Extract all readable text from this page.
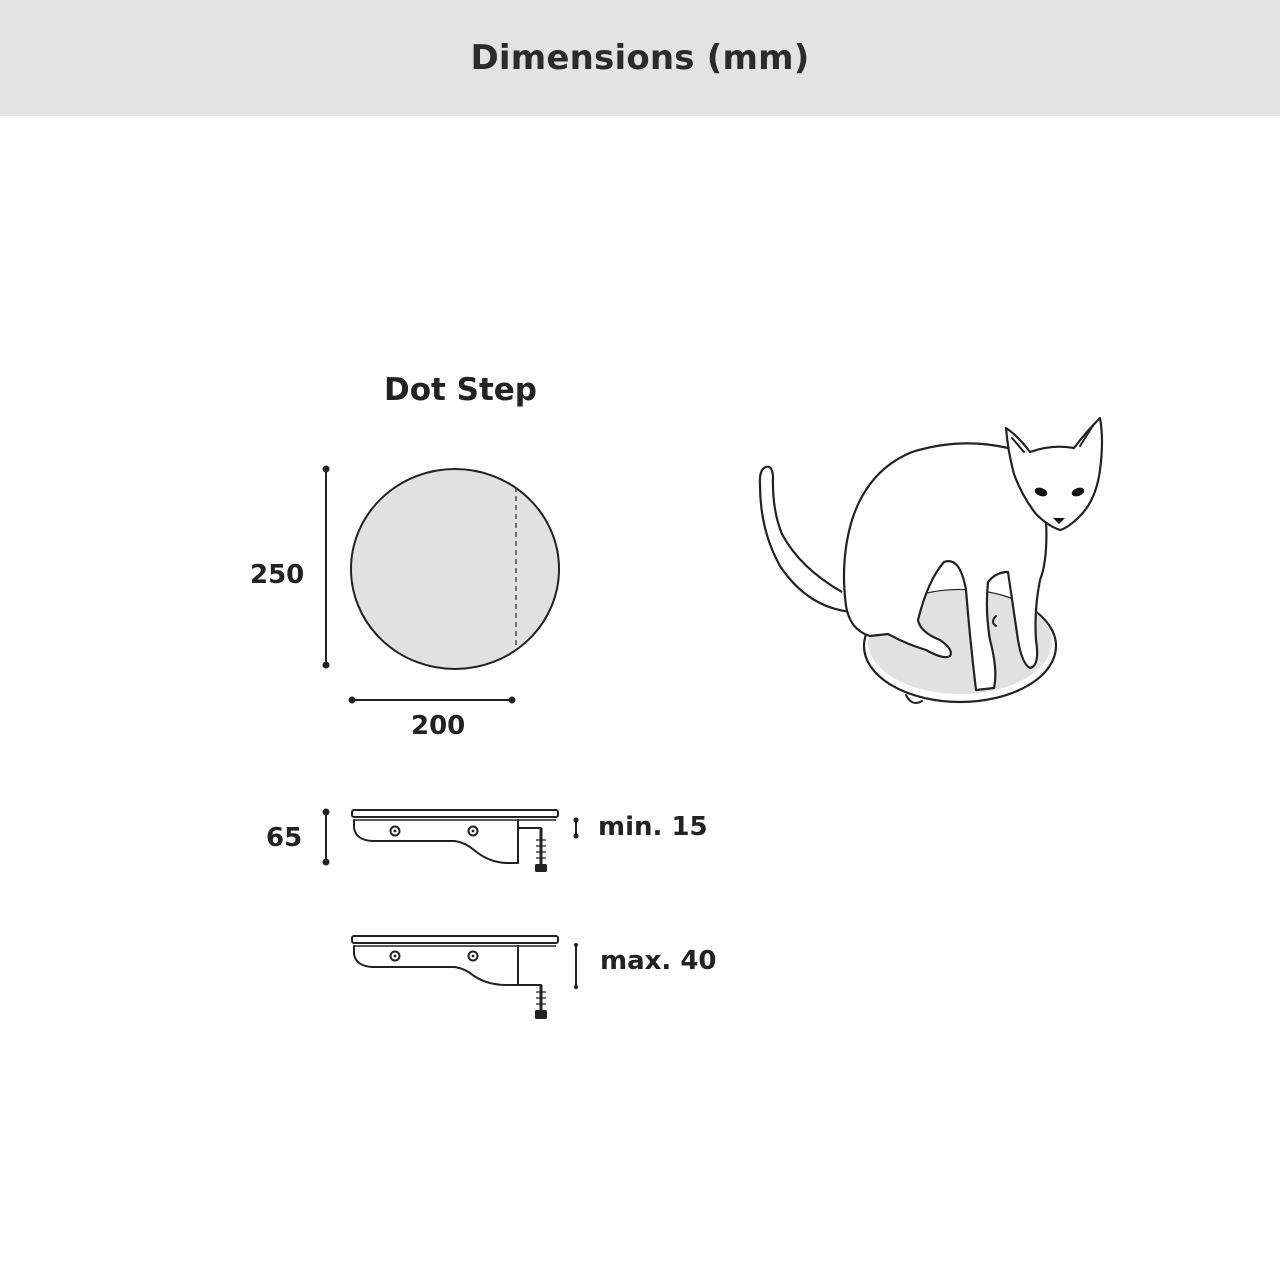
Dimensions (mm)
Dot Step
250
200
65	min. 15
max. 40
